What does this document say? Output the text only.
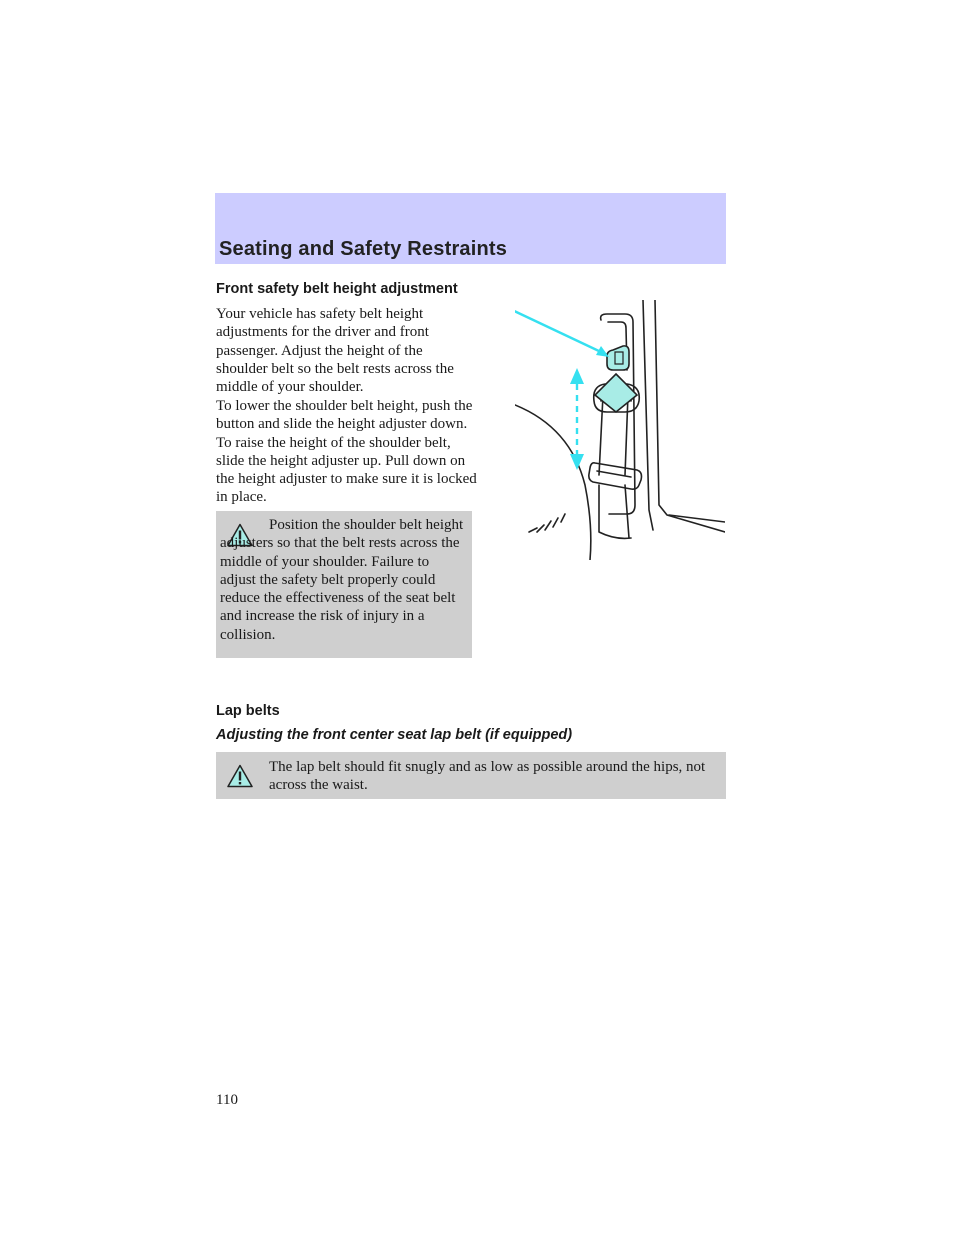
Seating and Safety Restraints
Front safety belt height adjustment

Your vehicle has safety belt height adjustments for the driver and front passenger. Adjust the height of the shoulder belt so the belt rests across the middle of your shoulder.

To lower the shoulder belt height, push the button and slide the height adjuster down. To raise the height of the shoulder belt, slide the height adjuster up. Pull down on the height adjuster to make sure it is locked in place.

Position the shoulder belt height adjusters so that the belt rests across the middle of your shoulder. Failure to adjust the safety belt properly could reduce the effectiveness of the seat belt and increase the risk of injury in a collision.

Lap belts
Adjusting the front center seat lap belt (if equipped)

The lap belt should fit snugly and as low as possible around the hips, not across the waist.

110
